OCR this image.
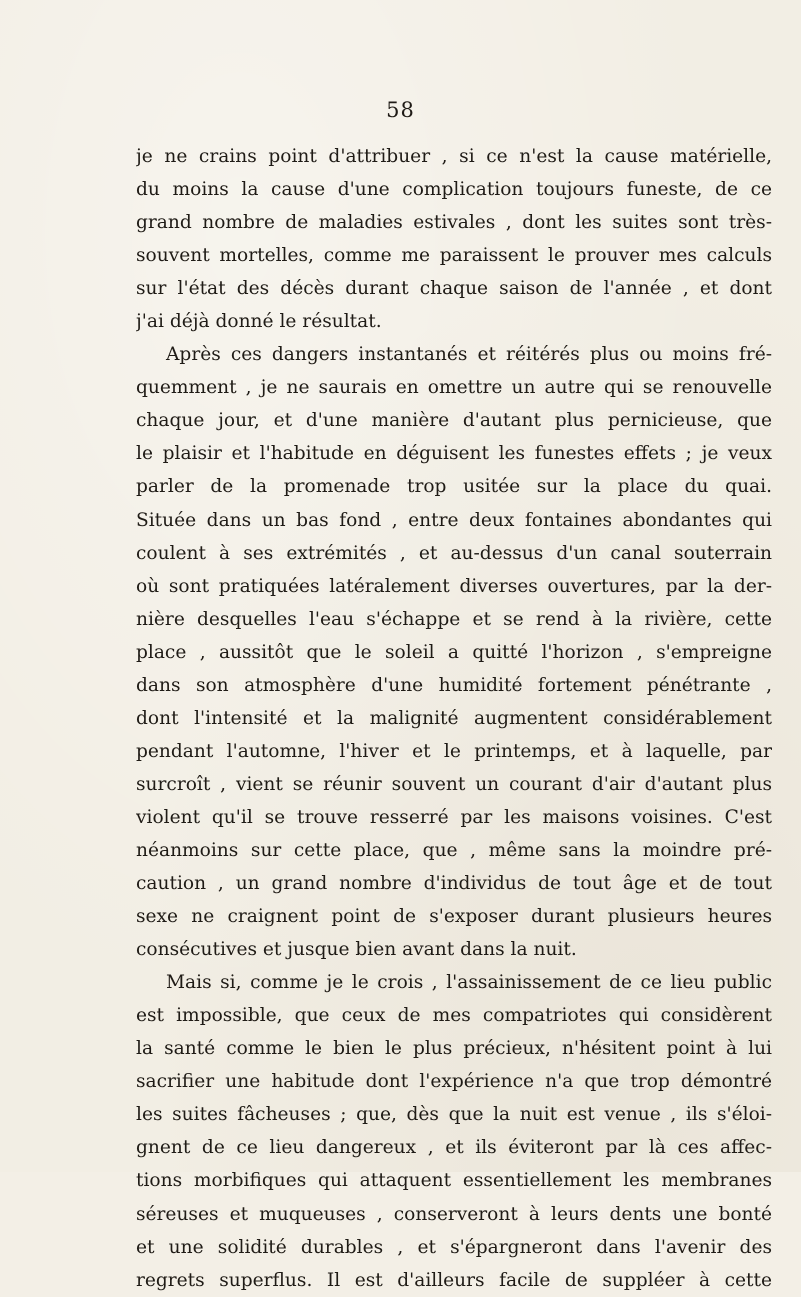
58
je ne crains point d'attribuer , si ce n'est la cause matérielle,
du moins la cause d'une complication toujours funeste, de ce
grand nombre de maladies estivales , dont les suites sont très-
souvent mortelles, comme me paraissent le prouver mes calculs
sur l'état des décès durant chaque saison de l'année , et dont
j'ai déjà donné le résultat.
Après ces dangers instantanés et réitérés plus ou moins fré-
quemment , je ne saurais en omettre un autre qui se renouvelle
chaque jour, et d'une manière d'autant plus pernicieuse, que
le plaisir et l'habitude en déguisent les funestes effets ; je veux
parler de la promenade trop usitée sur la place du quai.
Située dans un bas fond , entre deux fontaines abondantes qui
coulent à ses extrémités , et au-dessus d'un canal souterrain
où sont pratiquées latéralement diverses ouvertures, par la der-
nière desquelles l'eau s'échappe et se rend à la rivière, cette
place , aussitôt que le soleil a quitté l'horizon , s'empreigne
dans son atmosphère d'une humidité fortement pénétrante ,
dont l'intensité et la malignité augmentent considérablement
pendant l'automne, l'hiver et le printemps, et à laquelle, par
surcroît , vient se réunir souvent un courant d'air d'autant plus
violent qu'il se trouve resserré par les maisons voisines. C'est
néanmoins sur cette place, que , même sans la moindre pré-
caution , un grand nombre d'individus de tout âge et de tout
sexe ne craignent point de s'exposer durant plusieurs heures
consécutives et jusque bien avant dans la nuit.
Mais si, comme je le crois , l'assainissement de ce lieu public
est impossible, que ceux de mes compatriotes qui considèrent
la santé comme le bien le plus précieux, n'hésitent point à lui
sacrifier une habitude dont l'expérience n'a que trop démontré
les suites fâcheuses ; que, dès que la nuit est venue , ils s'éloi-
gnent de ce lieu dangereux , et ils éviteront par là ces affec-
tions morbifiques qui attaquent essentiellement les membranes
séreuses et muqueuses , conserveront à leurs dents une bonté
et une solidité durables , et s'épargneront dans l'avenir des
regrets superflus. Il est d'ailleurs facile de suppléer à cette
